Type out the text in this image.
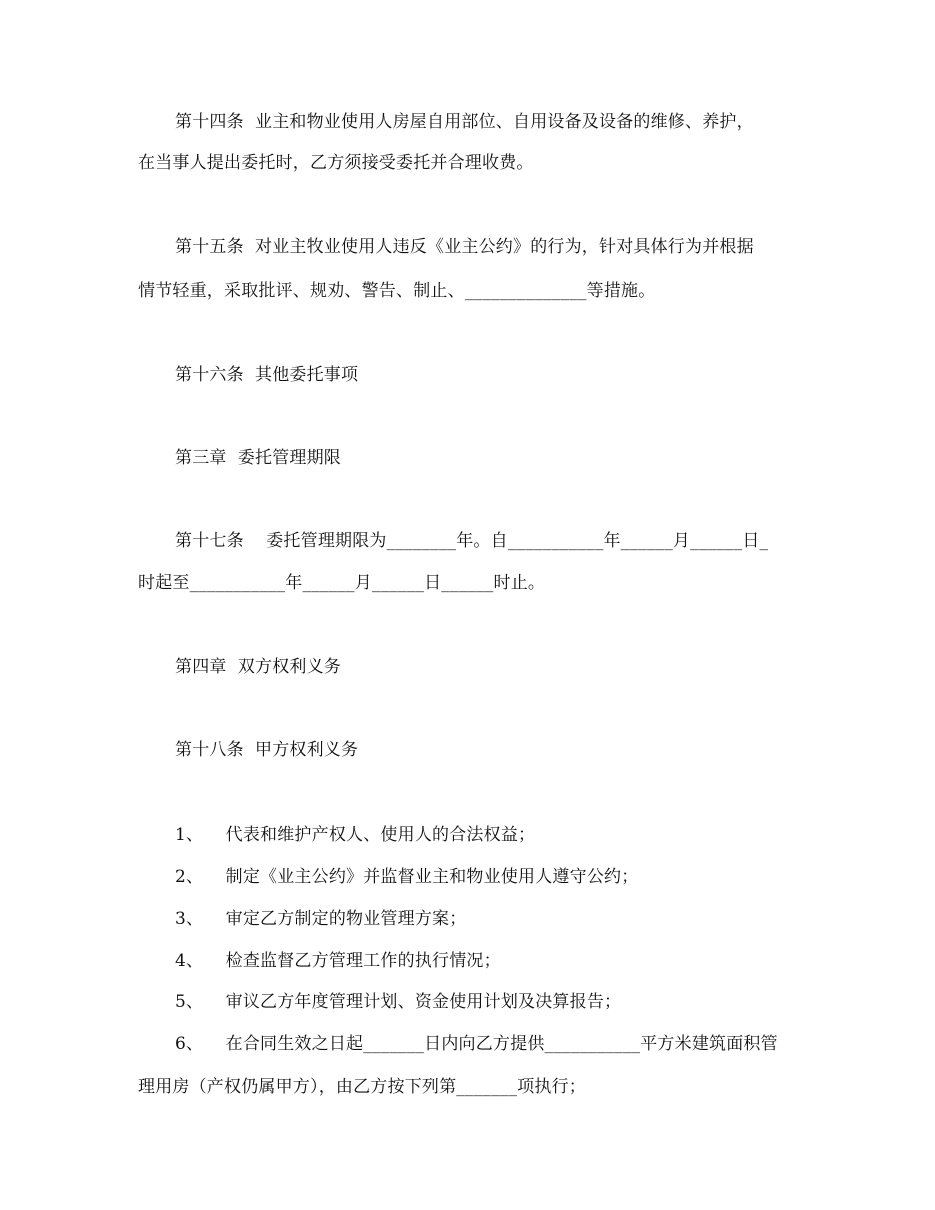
第十四条  业主和物业使用人房屋自用部位、自用设备及设备的维修、养护，
在当事人提出委托时，乙方须接受委托并合理收费。
第十五条  对业主牧业使用人违反《业主公约》的行为，针对具体行为并根据
情节轻重，采取批评、规劝、警告、制止、______________等措施。
第十六条  其他委托事项
第三章  委托管理期限
第十七条    委托管理期限为________年。自___________年______月______日_
时起至___________年______月______日______时止。
第四章  双方权利义务
第十八条  甲方权利义务
1、    代表和维护产权人、使用人的合法权益；
2、    制定《业主公约》并监督业主和物业使用人遵守公约；
3、    审定乙方制定的物业管理方案；
4、    检查监督乙方管理工作的执行情况；
5、    审议乙方年度管理计划、资金使用计划及决算报告；
6、    在合同生效之日起_______日内向乙方提供___________平方米建筑面积管
理用房（产权仍属甲方），由乙方按下列第_______项执行；
